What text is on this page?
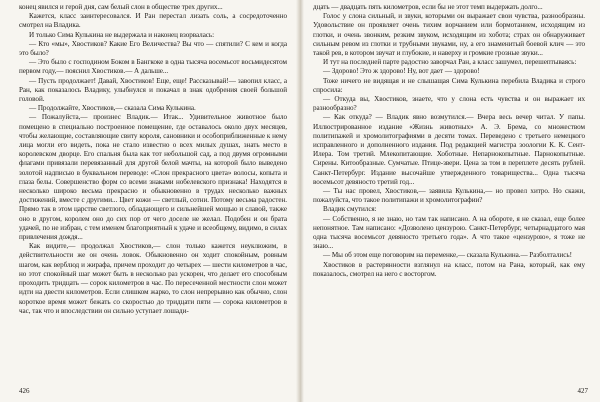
конец явился и герой дня, сам белый слон в обществе трех других...

Кажется, класс заинтересовался. И Ран перестал лизать соль, а сосредоточенно смотрел на Владика.

И только Сима Кулькина не выдержала и наконец взорвалась:

— Кто «мы», Хвостиков? Какие Его Величества? Вы что — спятили? С кем и когда это было?

— Это было с господином Боком в Бангкоке в одна тысяча восемьсот восьмидесятом первом году,— пояснил Хвостиков.— А дальше...

— Пусть продолжает! Давай, Хвостиков! Еще, еще! Рассказывай!— завопил класс, а Ран, как показалось Владику, улыбнулся и покачал в знак одобрения своей большой головой.

— Продолжайте, Хвостиков,— сказала Сима Кулькина.

— Пожалуйста,— произнес Владик.— Итак... Удивительное животное было помещено в специально построенное помещение, где оставалось около двух месяцев, чтобы желающие, составляющие свиту короля, сановники и особоприближенные к нему лица могли его видеть, пока не стало известно о всех милых душах, знать место в королевском дворце. Его спальня была как тот небольшой сад, а под двумя огромными флагами привязали перевязанный для другой белой мачты, на которой было выведено золотой надписью в буквальном переводе: «Слон прекрасного цвета» волосы, копыта и глаза белы. Совершенство форм со всеми знаками нобелевского признака! Находятся в несколько широко весьма прекрасно и обыкновенно в трудах несколько важных достижений, вместе с другими... Цвет кожи — светлый, сотни. Потому весьма радостен. Прямо так в этом царстве светлого, обладающего и сильнейшей мощью и славой, также оно в другом, королем оно до сих пор от чего доселе не желал. Подобен и он брата удачей, по не избран, с тем именем благоприятный к удаче и всеобщему, видимо, в силах привлечения дождя...

Как видите,— продолжал Хвостиков,— слон только кажется неуклюжим, в действительности же он очень ловок. Обыкновенно он ходит спокойным, ровным шагом, как верблюд и жирафа, причем проходит до четырех — шести километров в час, но этот спокойный шаг может быть в несколько раз ускорен, что делает его способным проходить тридцать — сорок километров в час. По пересеченной местности слон может идти на двести километров. Если слишком жарко, то слон непрерывно как обычно, слон короткое время может бежать со скоростью до тридцати пяти — сорока километров в час, так что и впоследствии он сильно уступает лошади-

426

дцать — двадцать пять километров, если бы не этот темп выдержать долго...

Голос у слона сильный, и звуки, которыми он выражает свои чувства, разнообразны. Удовольствие он проявляет очень тихим ворчанием или бормотанием, исходящим из глотки, и очень звонким, резким звуком, исходящим из хобота; страх он обнаруживает сильным ревом из глотки и трубными звуками, ну, а его знаменитый боевой клич — это такой рев, в котором звучат и глубокие, и наверху и громкие грозные звуки...

И тут на последней парте радостно заворчал Ран, а класс зашумел, перешептываясь:

— Здорово! Это ж здорово! Ну, вот дает — здорово!

Тоже ничего не видящая и не слышащая Сима Кулькина перебила Владика и строго спросила:

— Откуда вы, Хвостиков, знаете, что у слона есть чувства и он выражает их разнообразно?

— Как откуда? — Владик явно возмутился.— Вчера весь вечер читал. У папы. Иллюстрированное издание «Жизнь животных» А. Э. Брема, со множеством политипажей и хромолитографиями в десяти томах. Переведено с третьего немецкого исправленного и дополненного издания. Под редакцией магистра зоологии К. К. Сент-Илера. Том третий. Млекопитающие. Хоботные. Непарнокопытные. Парнокопытные. Сирены. Китообразные. Сумчатые. Птице-звери. Цена за том в переплете десять рублей. Санкт-Петербург. Издание высочайше утвержденного товарищества... Одна тысяча восемьсот девяносто третий год...

— Ты нас провел, Хвостиков,— заявила Кулькина,— но провел хитро. Но скажи, пожалуйста, что такое политипажи и хромолитографии?

Владик смутился:

— Собственно, я не знаю, но там так написано. А на обороте, я не сказал, еще более непонятное. Там написано: «Дозволено цензурою. Санкт-Петербург, четырнадцатого мая одна тысяча восемьсот девяносто третьего года». А что такое «цензурою», я тоже не знаю...

— Мы об этом еще поговорим на переменке,— сказала Кулькина.— Разболтались!

Хвостиков в растерянности взглянул на класс, потом на Рана, который, как ему показалось, смотрел на него с восторгом.

427
